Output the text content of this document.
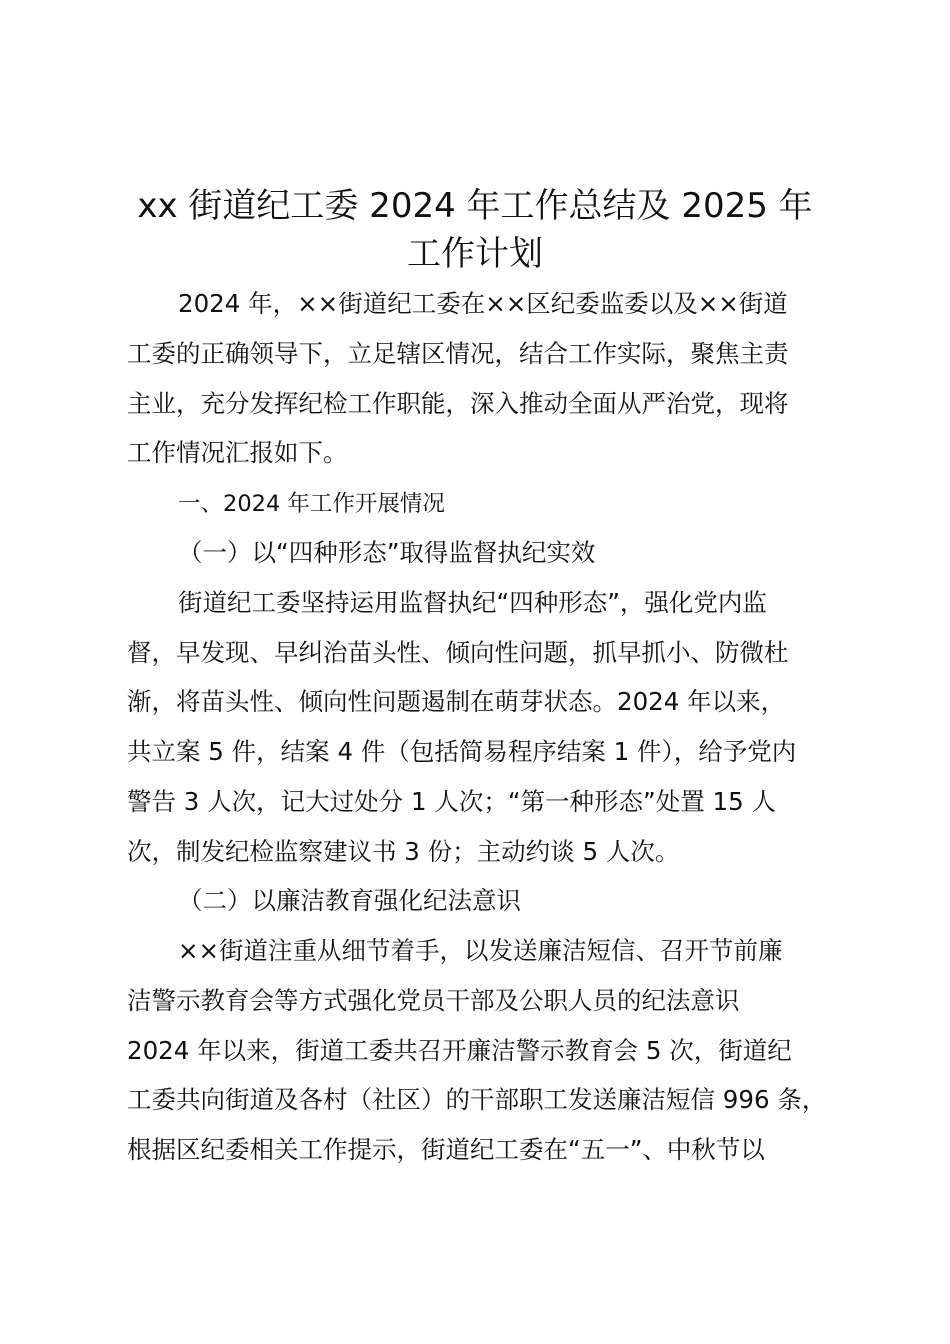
xx 街道纪工委 2024 年工作总结及 2025 年
工作计划
2024 年，××街道纪工委在××区纪委监委以及××街道
工委的正确领导下，立足辖区情况，结合工作实际，聚焦主责
主业，充分发挥纪检工作职能，深入推动全面从严治党，现将
工作情况汇报如下。
一、2024 年工作开展情况
（一）以“四种形态”取得监督执纪实效
街道纪工委坚持运用监督执纪“四种形态”，强化党内监
督，早发现、早纠治苗头性、倾向性问题，抓早抓小、防微杜
渐，将苗头性、倾向性问题遏制在萌芽状态。2024 年以来，
共立案 5 件，结案 4 件（包括简易程序结案 1 件），给予党内
警告 3 人次，记大过处分 1 人次；“第一种形态”处置 15 人
次，制发纪检监察建议书 3 份；主动约谈 5 人次。
（二）以廉洁教育强化纪法意识
××街道注重从细节着手，以发送廉洁短信、召开节前廉
洁警示教育会等方式强化党员干部及公职人员的纪法意识
2024 年以来，街道工委共召开廉洁警示教育会 5 次，街道纪
工委共向街道及各村（社区）的干部职工发送廉洁短信 996 条，
根据区纪委相关工作提示，街道纪工委在“五一”、中秋节以
